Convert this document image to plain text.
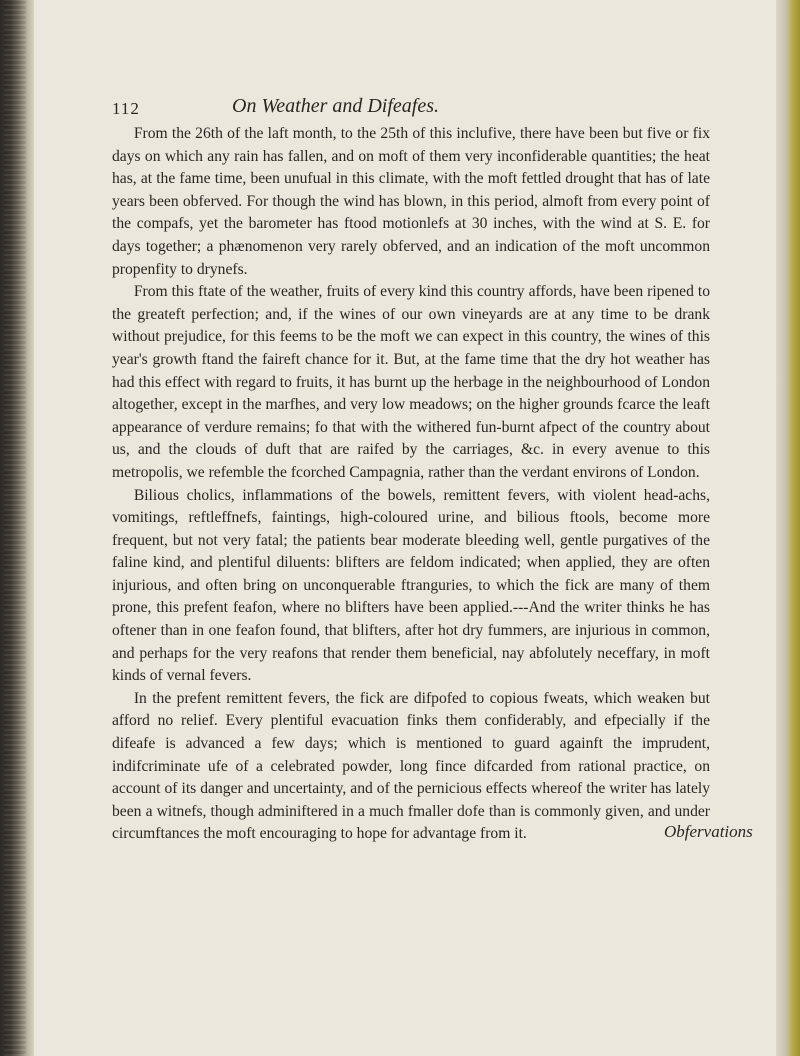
112	On Weather and Difeafes.

From the 26th of the laft month, to the 25th of this inclufive, there have been but five or fix days on which any rain has fallen, and on moft of them very inconfiderable quantities; the heat has, at the fame time, been unufual in this climate, with the moft fettled drought that has of late years been obferved. For though the wind has blown, in this period, almoft from every point of the compafs, yet the barometer has ftood motionlefs at 30 inches, with the wind at S. E. for days together; a phænomenon very rarely obferved, and an indication of the moft uncommon propenfity to drynefs.

From this ftate of the weather, fruits of every kind this country affords, have been ripened to the greateft perfection; and, if the wines of our own vineyards are at any time to be drank without prejudice, for this feems to be the moft we can expect in this country, the wines of this year's growth ftand the faireft chance for it. But, at the fame time that the dry hot weather has had this effect with regard to fruits, it has burnt up the herbage in the neighbourhood of London altogether, except in the marfhes, and very low meadows; on the higher grounds fcarce the leaft appearance of verdure remains; fo that with the withered fun-burnt afpect of the country about us, and the clouds of duft that are raifed by the carriages, &c. in every avenue to this metropolis, we refemble the fcorched Campagnia, rather than the verdant environs of London.

Bilious cholics, inflammations of the bowels, remittent fevers, with violent head-achs, vomitings, reftleffnefs, faintings, high-coloured urine, and bilious ftools, become more frequent, but not very fatal; the patients bear moderate bleeding well, gentle purgatives of the faline kind, and plentiful diluents: blifters are feldom indicated; when applied, they are often injurious, and often bring on unconquerable ftranguries, to which the fick are many of them prone, this prefent feafon, where no blifters have been applied.---And the writer thinks he has oftener than in one feafon found, that blifters, after hot dry fummers, are injurious in common, and perhaps for the very reafons that render them beneficial, nay abfolutely neceffary, in moft kinds of vernal fevers.

In the prefent remittent fevers, the fick are difpofed to copious fweats, which weaken but afford no relief. Every plentiful evacuation finks them confiderably, and efpecially if the difeafe is advanced a few days; which is mentioned to guard againft the imprudent, indifcriminate ufe of a celebrated powder, long fince difcarded from rational practice, on account of its danger and uncertainty, and of the pernicious effects whereof the writer has lately been a witnefs, though adminiftered in a much fmaller dofe than is commonly given, and under circumftances the moft encouraging to hope for advantage from it.	Obfervations
